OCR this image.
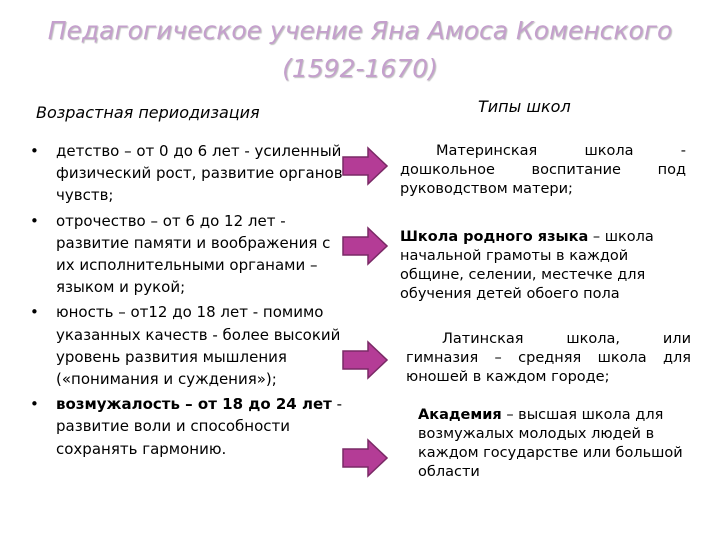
Педагогическое учение Яна Амоса Коменского
(1592-1670)
Возрастная периодизация	Типы школ
• детство – от 0 до 6 лет - усиленный физический рост, развитие органов чувств;
• отрочество – от 6 до 12 лет - развитие памяти и воображения с их исполнительными органами – языком и рукой;
• юность – от12 до 18 лет - помимо указанных качеств - более высокий уровень развития мышления («понимания и суждения»);
• возмужалость – от 18 до 24 лет - развитие воли и способности сохранять гармонию.
Материнская школа -
дошкольное воспитание под
руководством матери;
Школа родного языка – школа начальной грамоты в каждой общине, селении, местечке для обучения детей обоего пола
Латинская школа, или
гимназия – средняя школа для
юношей в каждом городе;
Академия – высшая школа для возмужалых молодых людей в каждом государстве или большой области
